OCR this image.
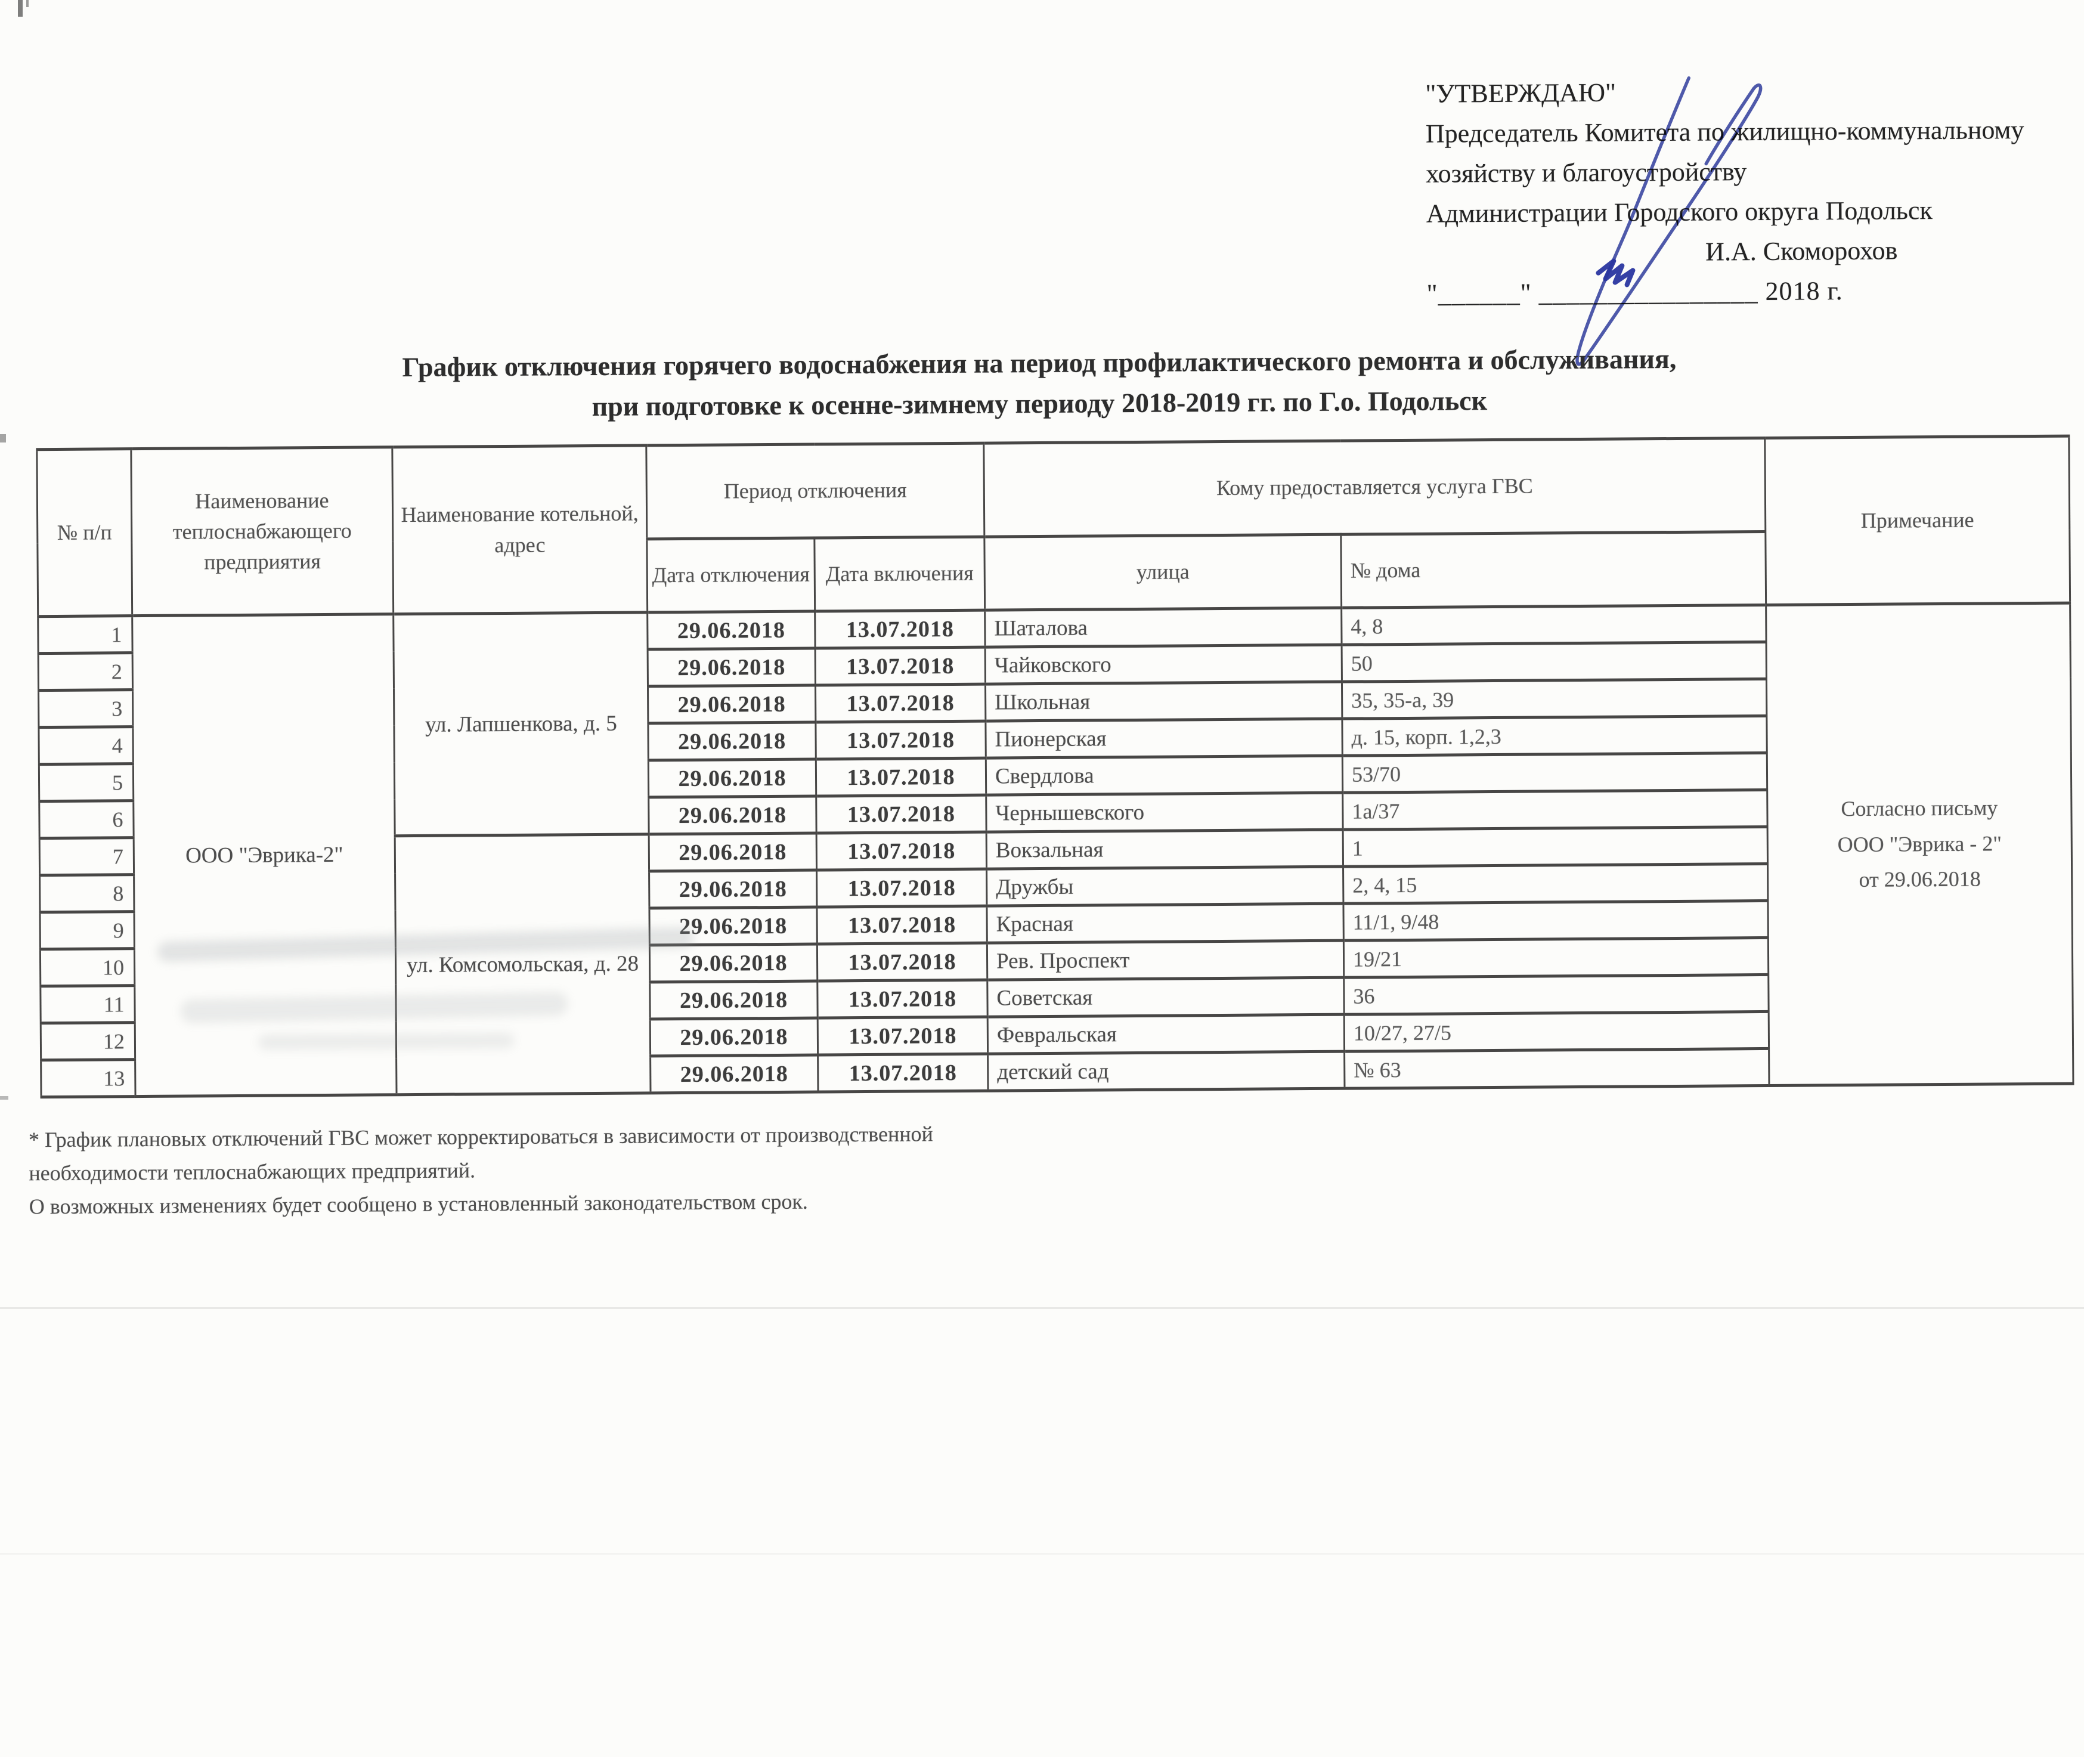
"УТВЕРЖДАЮ"
Председатель Комитета по жилищно-коммунальному
хозяйству и благоустройству
Администрации Городского округа Подольск
И.А. Скоморохов
"______" ________________ 2018 г.
График отключения горячего водоснабжения на период профилактического ремонта и обслуживания,
при подготовке к осенне-зимнему периоду 2018-2019 гг. по Г.о. Подольск
№ п/п	Наименование теплоснабжающего предприятия	Наименование котельной, адрес	Период отключения		Кому предоставляется услуга ГВС		Примечание
			Дата отключения	Дата включения	улица	№ дома	
1	ООО "Эврика-2"	ул. Лапшенкова, д. 5	29.06.2018	13.07.2018	Шаталова	4, 8	Согласно письму
ООО "Эврика - 2"
от 29.06.2018

2			29.06.2018	13.07.2018	Чайковского	50	
3			29.06.2018	13.07.2018	Школьная	35, 35-а, 39	
4			29.06.2018	13.07.2018	Пионерская	д. 15, корп. 1,2,3	
5			29.06.2018	13.07.2018	Свердлова	53/70	
6			29.06.2018	13.07.2018	Чернышевского	1а/37	
7		ул. Комсомольская, д. 28	29.06.2018	13.07.2018	Вокзальная	1	
8			29.06.2018	13.07.2018	Дружбы	2, 4, 15	
9			29.06.2018	13.07.2018	Красная	11/1, 9/48	
10			29.06.2018	13.07.2018	Рев. Проспект	19/21	
11			29.06.2018	13.07.2018	Советская	36	
12			29.06.2018	13.07.2018	Февральская	10/27, 27/5	
13			29.06.2018	13.07.2018	детский сад	№ 63	
* График плановых отключений ГВС может корректироваться в зависимости от производственной
необходимости теплоснабжающих предприятий.
О возможных изменениях будет сообщено в установленный законодательством срок.
